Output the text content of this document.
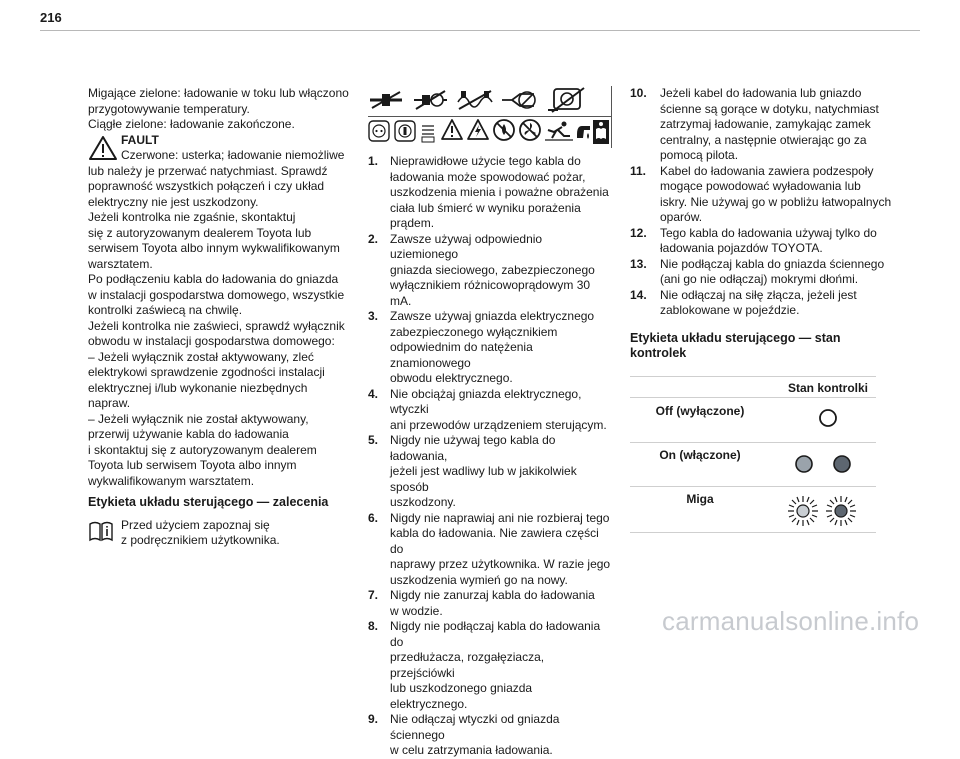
216

Migające zielone: ładowanie w toku lub włączono

przygotowywanie temperatury.

Ciągłe zielone: ładowanie zakończone.

FAULT

Czerwone: usterka; ładowanie niemożliwe

lub należy je przerwać natychmiast. Sprawdź

poprawność wszystkich połączeń i czy układ

elektryczny nie jest uszkodzony.

Jeżeli kontrolka nie zgaśnie, skontaktuj

się z autoryzowanym dealerem Toyota lub

serwisem Toyota albo innym wykwalifikowanym

warsztatem.

Po podłączeniu kabla do ładowania do gniazda

w instalacji gospodarstwa domowego, wszystkie

kontrolki zaświecą na chwilę.

Jeżeli kontrolka nie zaświeci, sprawdź wyłącznik

obwodu w instalacji gospodarstwa domowego:

– Jeżeli wyłącznik został aktywowany, zleć

elektrykowi sprawdzenie zgodności instalacji

elektrycznej i/lub wykonanie niezbędnych

napraw.

– Jeżeli wyłącznik nie został aktywowany,

przerwij używanie kabla do ładowania

i skontaktuj się z autoryzowanym dealerem

Toyota lub serwisem Toyota albo innym

wykwalifikowanym warsztatem.

Etykieta układu sterującego — zalecenia

Przed użyciem zapoznaj się

z podręcznikiem użytkownika.

1. Nieprawidłowe użycie tego kabla do

ładowania może spowodować pożar,

uszkodzenia mienia i poważne obrażenia

ciała lub śmierć w wyniku porażenia

prądem.

2. Zawsze używaj odpowiednio uziemionego

gniazda sieciowego, zabezpieczonego

wyłącznikiem różnicowoprądowym 30 mA.

3. Zawsze używaj gniazda elektrycznego

zabezpieczonego wyłącznikiem

odpowiednim do natężenia znamionowego

obwodu elektrycznego.

4. Nie obciążaj gniazda elektrycznego, wtyczki

ani przewodów urządzeniem sterującym.

5. Nigdy nie używaj tego kabla do ładowania,

jeżeli jest wadliwy lub w jakikolwiek sposób

uszkodzony.

6. Nigdy nie naprawiaj ani nie rozbieraj tego

kabla do ładowania. Nie zawiera części do

naprawy przez użytkownika. W razie jego

uszkodzenia wymień go na nowy.

7. Nigdy nie zanurzaj kabla do ładowania

w wodzie.

8. Nigdy nie podłączaj kabla do ładowania do

przedłużacza, rozgałęziacza, przejściówki

lub uszkodzonego gniazda elektrycznego.

9. Nie odłączaj wtyczki od gniazda ściennego

w celu zatrzymania ładowania.

10. Jeżeli kabel do ładowania lub gniazdo

ścienne są gorące w dotyku, natychmiast

zatrzymaj ładowanie, zamykając zamek

centralny, a następnie otwierając go za

pomocą pilota.

11. Kabel do ładowania zawiera podzespoły

mogące powodować wyładowania lub

iskry. Nie używaj go w pobliżu łatwopalnych

oparów.

12. Tego kabla do ładowania używaj tylko do

ładowania pojazdów TOYOTA.

13. Nie podłączaj kabla do gniazda ściennego

(ani go nie odłączaj) mokrymi dłońmi.

14. Nie odłączaj na siłę złącza, jeżeli jest

zablokowane w pojeździe.

Etykieta układu sterującego — stan
kontrolek
Stan kontrolki
Off (wyłączone)
On (włączone)
Miga
carmanualsonline.info
